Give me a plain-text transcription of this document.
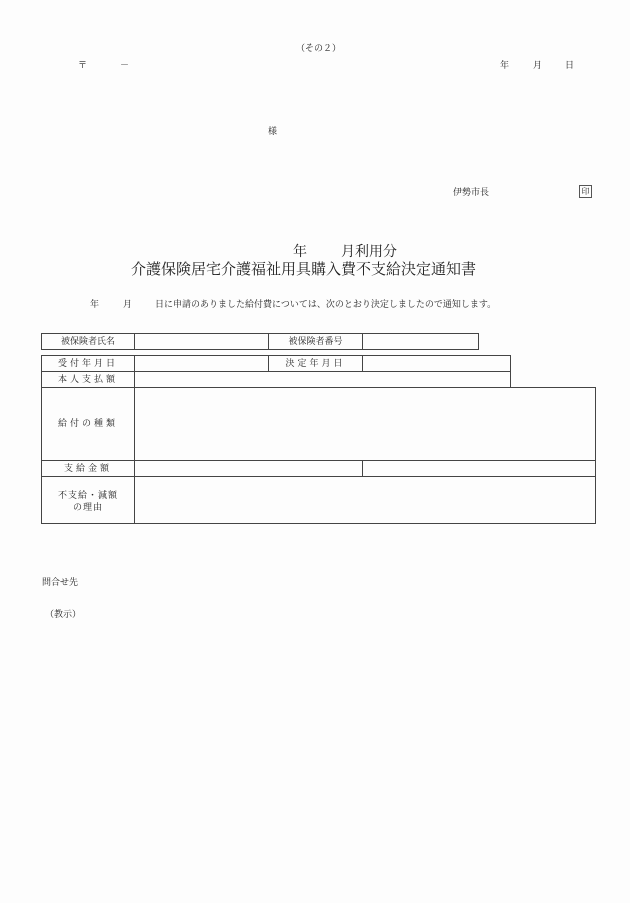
（その２）
〒	－	年	月	日
様
伊勢市長	印
年 月利用分
介護保険居宅介護福祉用具購入費不支給決定通知書
年	月	日に申請のありました給付費については、次のとおり決定しましたので通知します。
被保険者氏名	被保険者番号
受付年月日	決定年月日
本人支払額
給付の種類
支給金額
不支給・減額
の理由
問合せ先
（教示）
